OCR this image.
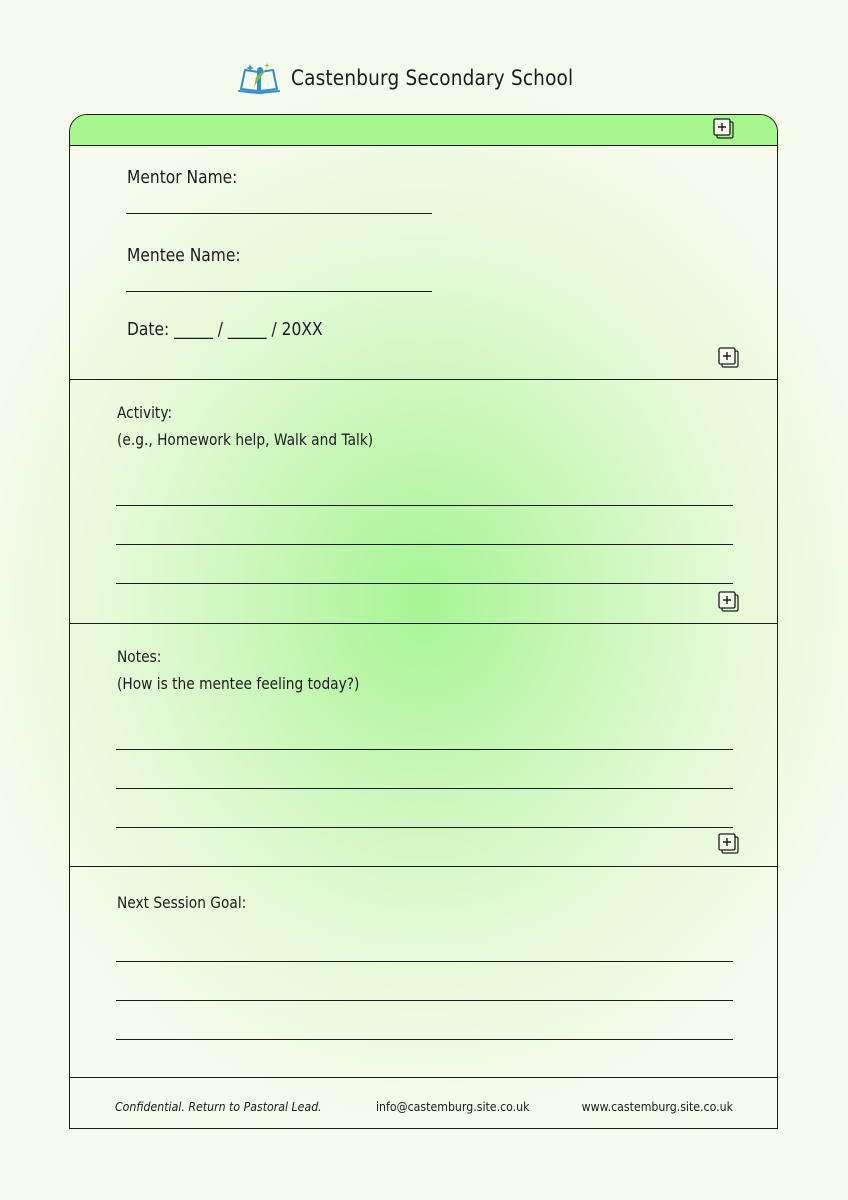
Castenburg Secondary School
Mentor Name:
Mentee Name:
Date: _____ / _____ / 20XX
Activity:
(e.g., Homework help, Walk and Talk)
Notes:
(How is the mentee feeling today?)
Next Session Goal:
Confidential. Return to Pastoral Lead.	info@castemburg.site.co.uk	www.castemburg.site.co.uk
